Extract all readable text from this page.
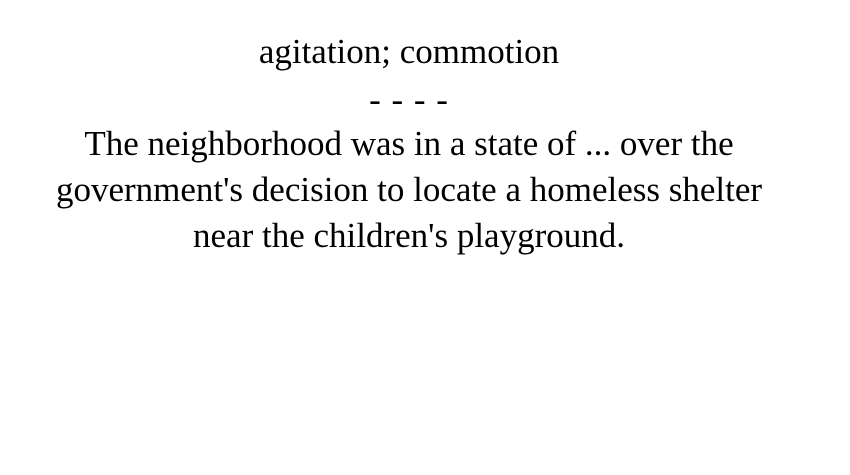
agitation; commotion

- - - -

The neighborhood was in a state of ... over the government's decision to locate a homeless shelter near the children's playground.
